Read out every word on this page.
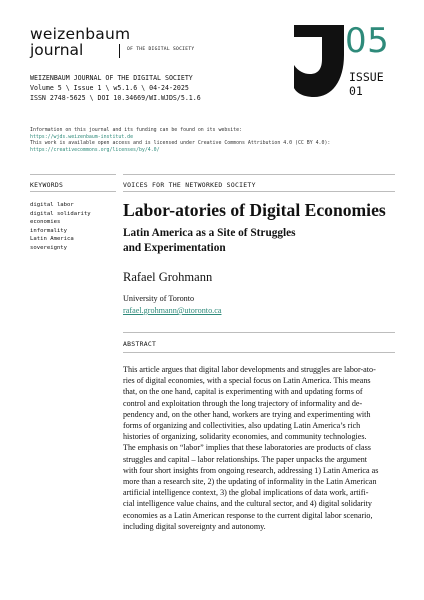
weizenbaum
journal	OF THE DIGITAL SOCIETY	05
ISSUE
01
WEIZENBAUM JOURNAL OF THE DIGITAL SOCIETY
Volume 5 \ Issue 1 \ w5.1.6 \ 04-24-2025
ISSN 2748-5625 \ DOI 10.34669/WI.WJDS/5.1.6
Information on this journal and its funding can be found on its website:
https://wjds.weizenbaum-institut.de
This work is available open access and is licensed under Creative Commons Attribution 4.0 (CC BY 4.0):
https://creativecommons.org/licenses/by/4.0/
KEYWORDS
digital labor
digital solidarity
economies
informality
Latin America
sovereignty
VOICES FOR THE NETWORKED SOCIETY
Labor-atories of Digital Economies
Latin America as a Site of Struggles
and Experimentation
Rafael Grohmann
University of Toronto
rafael.grohmann@utoronto.ca
ABSTRACT
This article argues that digital labor developments and struggles are labor-ato-
ries of digital economies, with a special focus on Latin America. This means
that, on the one hand, capital is experimenting with and updating forms of
control and exploitation through the long trajectory of informality and de-
pendency and, on the other hand, workers are trying and experimenting with
forms of organizing and collectivities, also updating Latin America’s rich
histories of organizing, solidarity economies, and community technologies.
The emphasis on “labor” implies that these laboratories are products of class
struggles and capital – labor relationships. The paper unpacks the argument
with four short insights from ongoing research, addressing 1) Latin America as
more than a research site, 2) the updating of informality in the Latin American
artificial intelligence context, 3) the global implications of data work, artifi-
cial intelligence value chains, and the cultural sector, and 4) digital solidarity
economies as a Latin American response to the current digital labor scenario,
including digital sovereignty and autonomy.
